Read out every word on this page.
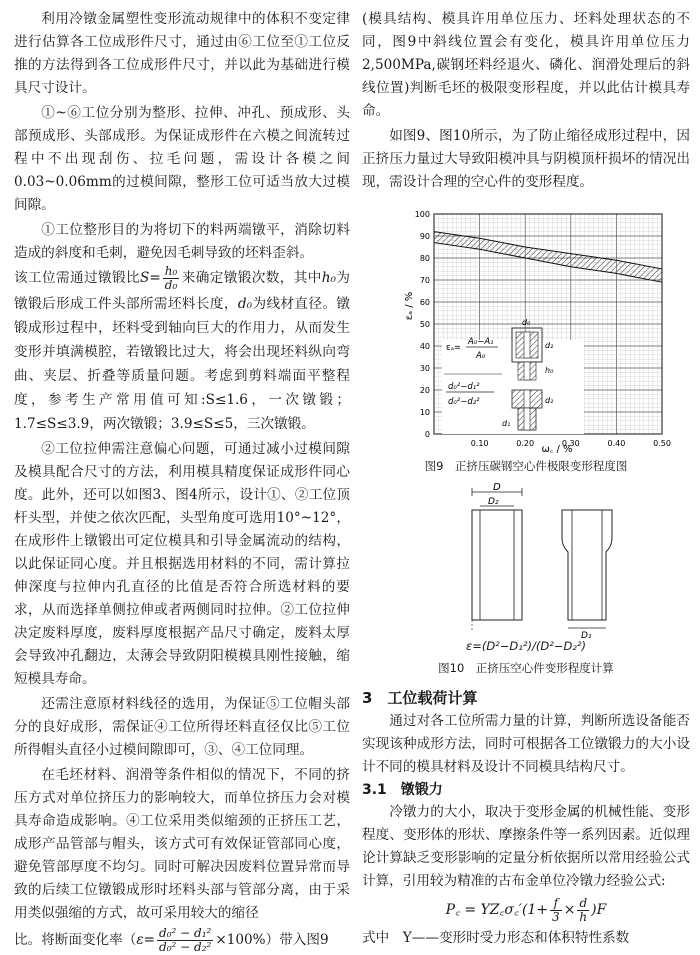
利用冷镦金属塑性变形流动规律中的体积不变定律进行估算各工位成形件尺寸，通过由⑥工位至①工位反推的方法得到各工位成形件尺寸，并以此为基础进行模具尺寸设计。

①~⑥工位分别为整形、拉伸、冲孔、预成形、头部预成形、头部成形。为保证成形件在六模之间流转过程中不出现刮伤、拉毛问题，需设计各模之间0.03~0.06mm的过模间隙，整形工位可适当放大过模间隙。

①工位整形目的为将切下的料两端镦平，消除切料造成的斜度和毛刺，避免因毛刺导致的坯料歪斜。

该工位需通过镦锻比$S= \frac{\text{h₀}}{\text{d₀}}$ 来确定镦锻次数，其中h₀为镦锻后形成工件头部所需坯料长度，d₀为线材直径。镦锻成形过程中，坯料受到轴向巨大的作用力，从而发生变形并填满模腔，若镦锻比过大，将会出现坯料纵向弯曲、夹层、折叠等质量问题。考虑到剪料端面平整程度，参考生产常用值可知:S≤1.6，一次镦锻；1.7≤S≤3.9，两次镦锻；3.9≤S≤5，三次镦锻。

②工位拉伸需注意偏心问题，可通过减小过模间隙及模具配合尺寸的方法，利用模具精度保证成形件同心度。此外，还可以如图3、图4所示，设计①、②工位顶杆头型，并使之依次匹配，头型角度可选用10°~12°，在成形件上镦锻出可定位模具和引导金属流动的结构，以此保证同心度。并且根据选用材料的不同，需计算拉伸深度与拉伸内孔直径的比值是否符合所选材料的要求，从而选择单侧拉伸或者两侧同时拉伸。②工位拉伸决定废料厚度，废料厚度根据产品尺寸确定，废料太厚会导致冲孔翻边，太薄会导致阴阳模模具刚性接触，缩短模具寿命。

还需注意原材料线径的选用，为保证⑤工位帽头部分的良好成形，需保证④工位所得坯料直径仅比⑤工位所得帽头直径小过模间隙即可，③、④工位同理。

在毛坯材料、润滑等条件相似的情况下，不同的挤压方式对单位挤压力的影响较大，而单位挤压力会对模具寿命造成影响。④工位采用类似缩颈的正挤压工艺，成形产品管部与帽头，该方式可有效保证管部同心度，避免管部厚度不均匀。同时可解决因废料位置异常而导致的后续工位镦锻成形时坯料头部与管部分离，由于采用类似强缩的方式，故可采用较大的缩径

比。将断面变化率$(\varepsilon= \frac{\text{d₀² − d₁²}}{\text{d₀² − d₂²}} \times 100\%)$带入图9

(模具结构、模具许用单位压力、坯料处理状态的不同，图9中斜线位置会有变化，模具许用单位压力2,500MPa,碳钢坯料经退火、磷化、润滑处理后的斜线位置)判断毛坯的极限变形程度，并以此估计模具寿命。

如图9、图10所示，为了防止缩径成形过程中，因正挤压力量过大导致阳模冲具与阴模顶杆损坏的情况出现，需设计合理的空心件的变形程度。

0
10
20
30
40
50
60
70
80
90
100
0.10	0.20	0.30	0.40	0.50
ω꜀ / %
εₐ / %
εₐ=
A₀−A₁
A₀
d₀²−d₁²
d₀²−d₂²
d₀
d₂
h₀
d₂
d₁
图9　正挤压碳钢空心件极限变形程度图
D
D₂
D₁
ε=(D²−D₁²)/(D²−D₂²)
图10　正挤压空心件变形程度计算
3　工位载荷计算

通过对各工位所需力量的计算，判断所选设备能否实现该种成形方法，同时可根据各工位镦锻力的大小设计不同的模具材料及设计不同模具结构尺寸。

3.1　镦锻力

冷镦力的大小，取决于变形金属的机械性能、变形程度、变形体的形状、摩擦条件等一系列因素。近似理论计算缺乏变形影响的定量分析依据所以常用经验公式计算，引用较为精准的古布金单位冷镦力经验公式:

P꜀ = YZ꜀σ꜀′(1+ $\frac{f}{3} \times \frac{d}{h} )F$
式中　Y——变形时受力形态和体积特性系数
